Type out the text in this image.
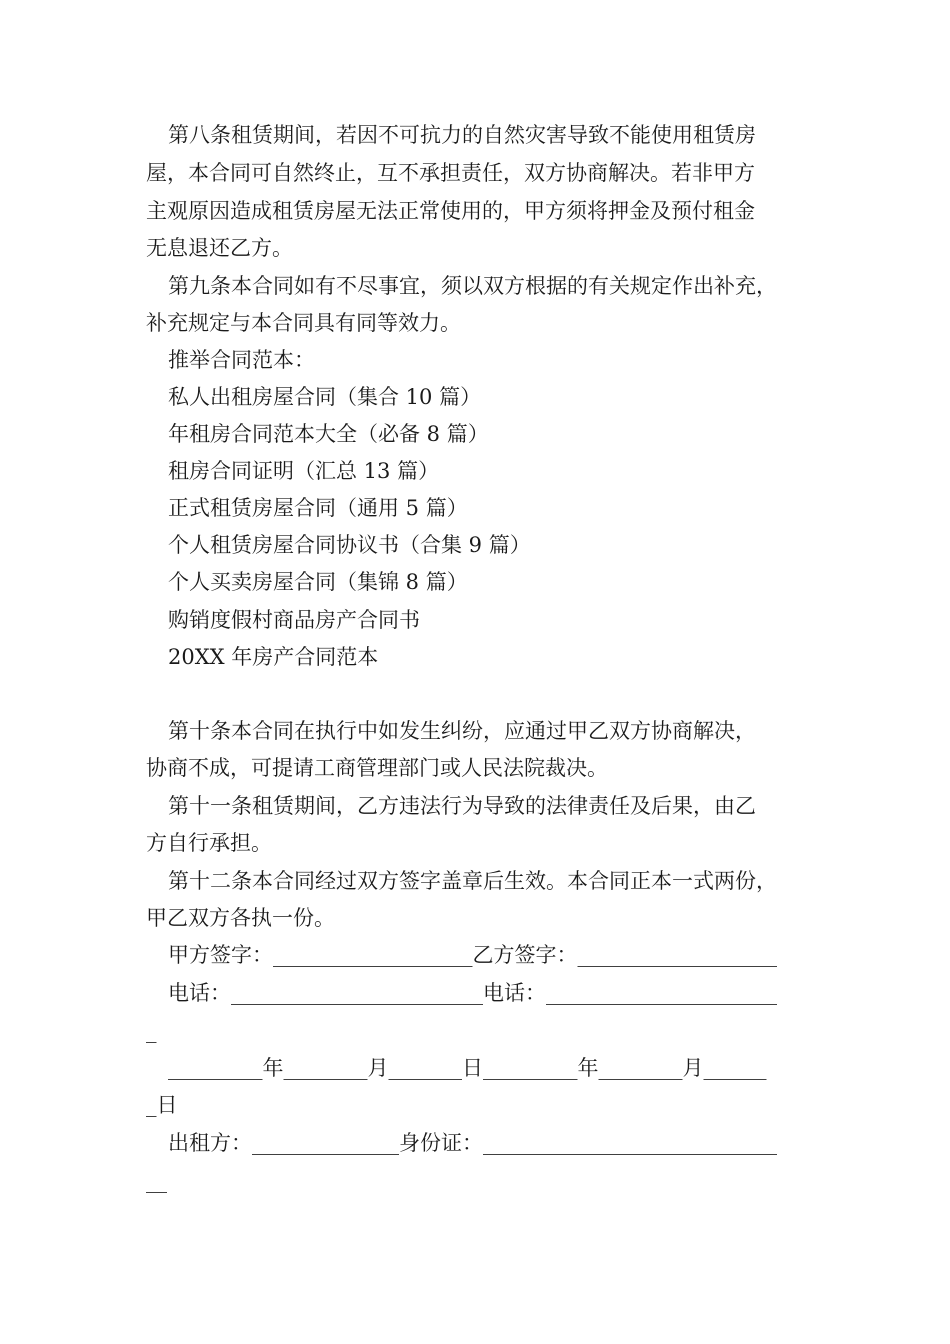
第八条租赁期间，若因不可抗力的自然灾害导致不能使用租赁房
屋，本合同可自然终止，互不承担责任，双方协商解决。若非甲方
主观原因造成租赁房屋无法正常使用的，甲方须将押金及预付租金
无息退还乙方。
第九条本合同如有不尽事宜，须以双方根据的有关规定作出补充，
补充规定与本合同具有同等效力。
推举合同范本：
私人出租房屋合同（集合 10 篇）
年租房合同范本大全（必备 8 篇）
租房合同证明（汇总 13 篇）
正式租赁房屋合同（通用 5 篇）
个人租赁房屋合同协议书（合集 9 篇）
个人买卖房屋合同（集锦 8 篇）
购销度假村商品房产合同书
20XX 年房产合同范本
第十条本合同在执行中如发生纠纷，应通过甲乙双方协商解决，
协商不成，可提请工商管理部门或人民法院裁决。
第十一条租赁期间，乙方违法行为导致的法律责任及后果，由乙
方自行承担。
第十二条本合同经过双方签字盖章后生效。本合同正本一式两份，
甲乙双方各执一份。
甲方签字：___________________乙方签字：___________________
电话：________________________电话：______________________
_
_________年________月_______日_________年________月______
_日
出租方：______________身份证：____________________________
__
